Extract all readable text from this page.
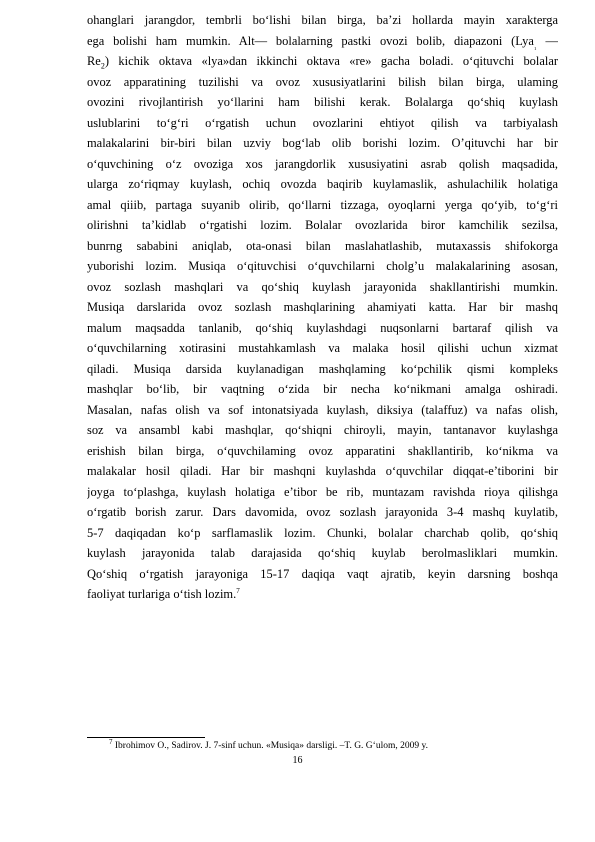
ohanglari jarangdor, tembrli bo‘lishi bilan birga, ba’zi hollarda mayin xarakterga
ega bolishi ham mumkin. Alt— bolalarning pastki ovozi bolib, diapazoni (Lya$_{_1}$ —
$Re_2$) kichik oktava «lya»dan ikkinchi oktava «re» gacha boladi. o‘qituvchi bolalar
ovoz apparatining tuzilishi va ovoz xususiyatlarini bilish bilan birga, ulaming
ovozini rivojlantirish yo‘llarini ham bilishi kerak. Bolalarga qo‘shiq kuylash
uslublarini to‘g‘ri o‘rgatish uchun ovozlarini ehtiyot qilish va tarbiyalash
malakalarini bir-biri bilan uzviy bog‘lab olib borishi lozim. O’qituvchi har bir
o‘quvchining o‘z ovoziga xos jarangdorlik xususiyatini asrab qolish maqsadida,
ularga zo‘riqmay kuylash, ochiq ovozda baqirib kuylamaslik, ashulachilik holatiga
amal qiiib, partaga suyanib olirib, qo‘llarni tizzaga, oyoqlarni yerga qo‘yib, to‘g‘ri
olirishni ta’kidlab o‘rgatishi lozim. Bolalar ovozlarida biror kamchilik sezilsa,
bunrng sababini aniqlab, ota-onasi bilan maslahatlashib, mutaxassis shifokorga
yuborishi lozim. Musiqa o‘qituvchisi o‘quvchilarni cholg’u malakalarining asosan,
ovoz sozlash mashqlari va qo‘shiq kuylash jarayonida shakllantirishi mumkin.
Musiqa darslarida ovoz sozlash mashqlarining ahamiyati katta. Har bir mashq
malum maqsadda tanlanib, qo‘shiq kuylashdagi nuqsonlarni bartaraf qilish va
o‘quvchilarning xotirasini mustahkamlash va malaka hosil qilishi uchun xizmat
qiladi. Musiqa darsida kuylanadigan mashqlaming ko‘pchilik qismi kompleks
mashqlar bo‘lib, bir vaqtning o‘zida bir necha ko‘nikmani amalga oshiradi.
Masalan, nafas olish va sof intonatsiyada kuylash, diksiya (talaffuz) va nafas olish,
soz va ansambl kabi mashqlar, qo‘shiqni chiroyli, mayin, tantanavor kuylashga
erishish bilan birga, o‘quvchilaming ovoz apparatini shakllantirib, ko‘nikma va
malakalar hosil qiladi. Har bir mashqni kuylashda o‘quvchilar diqqat-e’tiborini bir
joyga to‘plashga, kuylash holatiga e’tibor be rib, muntazam ravishda rioya qilishga
o‘rgatib borish zarur. Dars davomida, ovoz sozlash jarayonida 3-4 mashq kuylatib,
5-7 daqiqadan ko‘p sarflamaslik lozim. Chunki, bolalar charchab qolib, qo‘shiq
kuylash jarayonida talab darajasida qo‘shiq kuylab berolmasliklari mumkin.
Qo‘shiq o‘rgatish jarayoniga 15-17 daqiqa vaqt ajratib, keyin darsning boshqa
faoliyat turlariga o‘tish lozim.$^7$
$^7$ Ibrohimov O., Sadirov. J. 7-sinf uchun. «Musiqa» darsligi. –T. G. G‘ulom, 2009 y.
16
